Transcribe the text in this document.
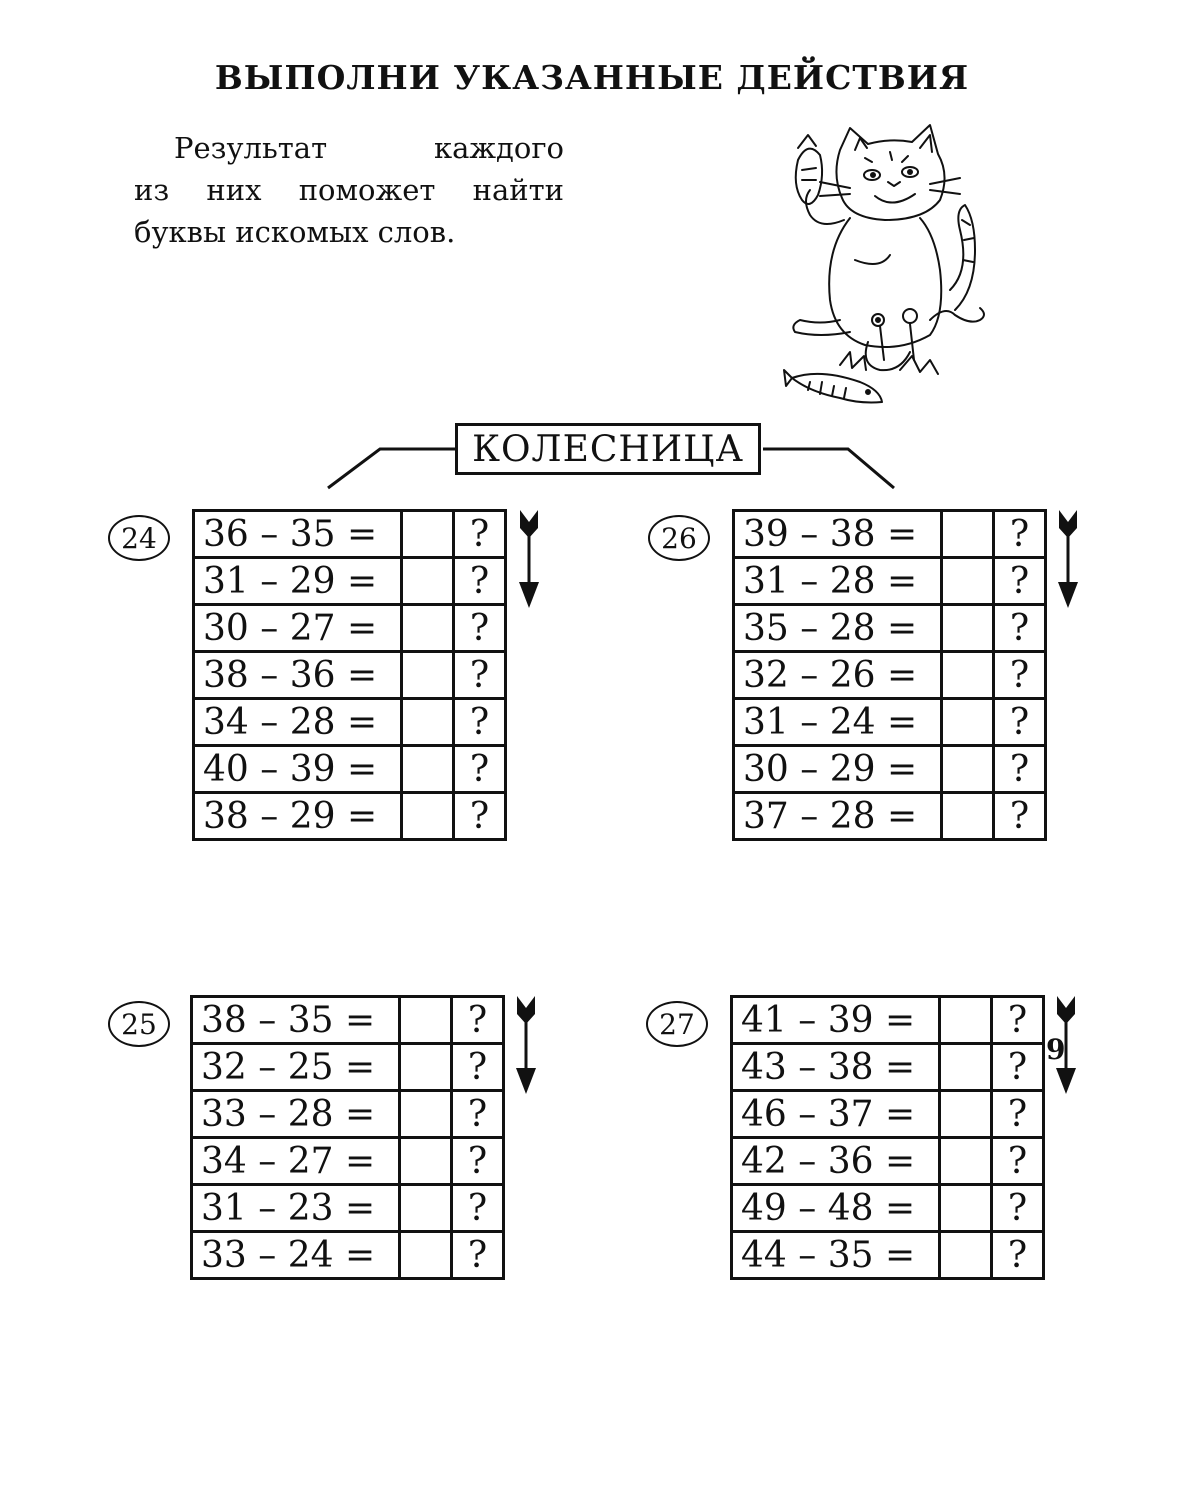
ВЫПОЛНИ УКАЗАННЫЕ ДЕЙСТВИЯ
Результат каждого
из них поможет найти
буквы искомых слов.
КОЛЕСНИЦА
24	36 – 35 =		?
31 – 29 =		?
30 – 27 =		?
38 – 36 =		?
34 – 28 =		?
40 – 39 =		?
38 – 29 =		?
26	39 – 38 =		?
31 – 28 =		?
35 – 28 =		?
32 – 26 =		?
31 – 24 =		?
30 – 29 =		?
37 – 28 =		?
25	38 – 35 =		?
32 – 25 =		?
33 – 28 =		?
34 – 27 =		?
31 – 23 =		?
33 – 24 =		?
27	41 – 39 =		?
43 – 38 =		?
46 – 37 =		?
42 – 36 =		?
49 – 48 =		?
44 – 35 =		?
9
